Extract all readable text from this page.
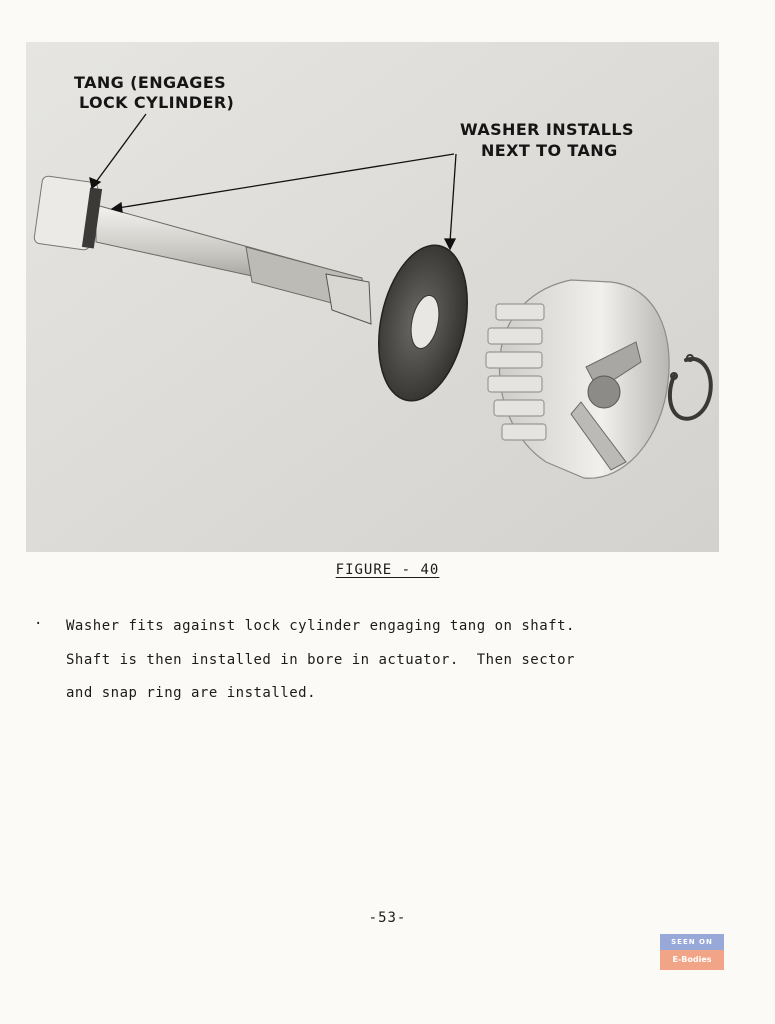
TANG (ENGAGES
LOCK CYLINDER)
WASHER INSTALLS
NEXT TO TANG
FIGURE - 40
. Washer fits against lock cylinder engaging tang on shaft.
Shaft is then installed in bore in actuator.  Then sector
and snap ring are installed.
-53-
SEEN ON
E-Bodies
